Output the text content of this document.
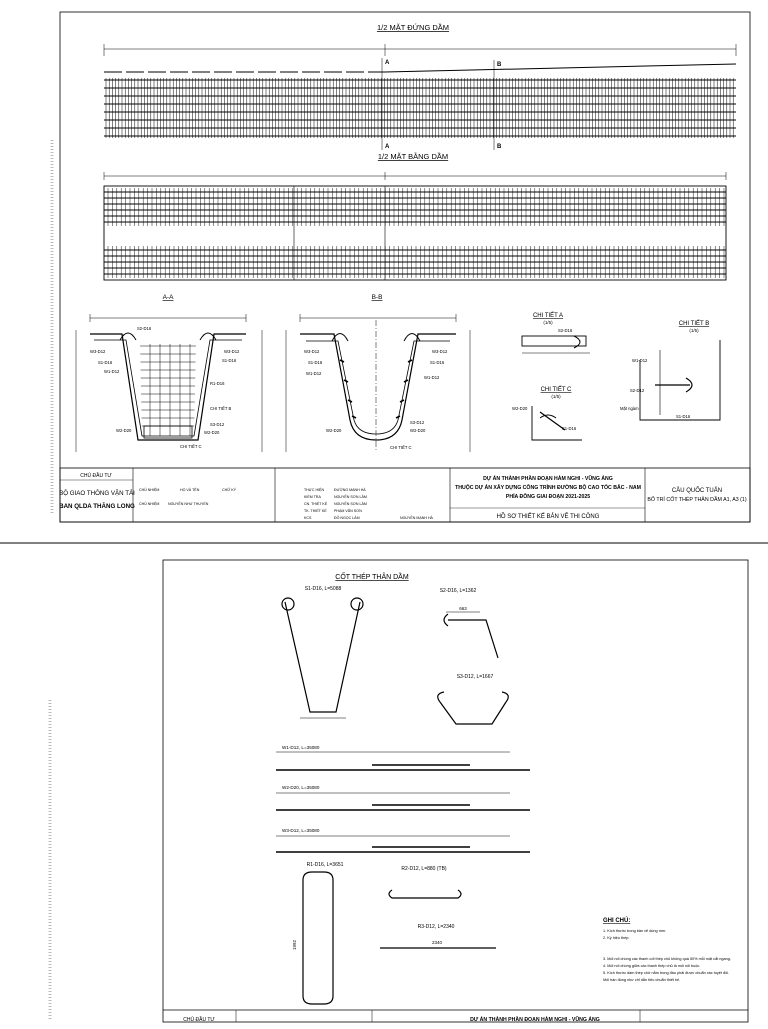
1/2 MẶT ĐỨNG DẦM
A
A
B
B
1/2 MẶT BẰNG DẦM
A-A
S2-D16
W3-D12	W3-D12
S1-D16	S1-D16
W1-D12
R1-D16
CHI TIẾT B
S3-D12
W2-D20	W2-D20
CHI TIẾT C
B-B
W3-D12	W3-D12
S1-D16	S1-D16
W1-D12
W1-D12
W2-D20	W2-D20
S3-D12
CHI TIẾT C
CHI TIẾT A
(1/5)
S2-D16
CHI TIẾT B
(1/5)
W1-D12
S2-D12
S1-D16
Mặt ngàm
CHI TIẾT C
(1/5)
W2-D20
S1-D16
CHỦ ĐẦU TƯ
BỘ GIAO THÔNG VẬN TẢI
BAN QLDA THĂNG LONG
DỰ ÁN THÀNH PHẦN ĐOẠN HÀM NGHI - VŨNG ÁNG
THUỘC DỰ ÁN XÂY DỰNG CÔNG TRÌNH ĐƯỜNG BỘ CAO TỐC BẮC - NAM
PHÍA ĐÔNG GIAI ĐOẠN 2021-2025
HỒ SƠ THIẾT KẾ BẢN VẼ THI CÔNG
CẦU QUỐC TUẤN
BỐ TRÍ CỐT THÉP THÂN DẦM A1, A3 (1)
CHỦ NHIỆM	HỌ VÀ TÊN	CHỮ KÝ
CHỦ NHIỆM NGUYỄN NHƯ THUYẾN
THỰC HIỆN	ĐƯỜNG MẠNH HÀ
KIỂM TRA	NGUYỄN SƠN LÂM
CN. THIẾT KẾ NGUYỄN SƠN LÂM
TK. THIẾT KẾ PHẠM VĂN SƠN
KCS	ĐỖ NGỌC LÂM	NGUYỄN MẠNH HÀ
CỐT THÉP THÂN DẦM
S1-D16, L=5088	S2-D16, L=1362
663
S3-D12, L=1667
W1-D12, L=35080
W2-D20, L=35080
W3-D12, L=35080
R1-D16, L=3651
1992
R2-D12, L=880 (TB)
R3-D12, L=2340
2340
GHI CHÚ:
1. Kích thước trong bản vẽ dùng mm.
2. Ký hiệu thép:
3. Mối nối chồng các thanh cốt thép chủ không quá 50% mỗi mặt cắt ngang.
4. Mối nối chồng giữa các thanh thép chủ là mối nối buộc.
5. Kích thước dầm thép chờ nằm trong đầu phải được chuẩn xác tuyệt đối.
Mối hàn đúng như chỉ dẫn tiêu chuẩn thiết kế.
CHỦ ĐẦU TƯ	DỰ ÁN THÀNH PHẦN ĐOẠN HÀM NGHI - VŨNG ÁNG
